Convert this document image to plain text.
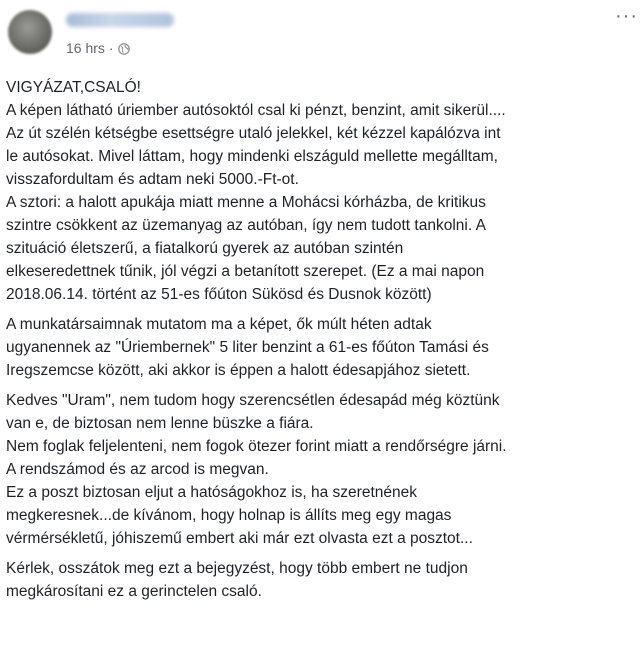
16 hrs ·
···

VIGYÁZAT,CSALÓ!
A képen látható úriember autósoktól csal ki pénzt, benzint, amit sikerül....
Az út szélén kétségbe esettségre utaló jelekkel, két kézzel kapálózva int
le autósokat. Mivel láttam, hogy mindenki elszáguld mellette megálltam,
visszafordultam és adtam neki 5000.-Ft-ot.
A sztori: a halott apukája miatt menne a Mohácsi kórházba, de kritikus
szintre csökkent az üzemanyag az autóban, így nem tudott tankolni. A
szituáció életszerű, a fiatalkorú gyerek az autóban szintén
elkeseredettnek tűnik, jól végzi a betanított szerepet. (Ez a mai napon
2018.06.14. történt az 51-es főúton Sükösd és Dusnok között)

A munkatársaimnak mutatom ma a képet, ők múlt héten adtak
ugyanennek az "Úriembernek" 5 liter benzint a 61-es főúton Tamási és
Iregszemcse között, aki akkor is éppen a halott édesapjához sietett.

Kedves "Uram", nem tudom hogy szerencsétlen édesapád még köztünk
van e, de biztosan nem lenne büszke a fiára.
Nem foglak feljelenteni, nem fogok ötezer forint miatt a rendőrségre járni.
A rendszámod és az arcod is megvan.
Ez a poszt biztosan eljut a hatóságokhoz is, ha szeretnének
megkeresnek...de kívánom, hogy holnap is állíts meg egy magas
vérmérsékletű, jóhiszemű embert aki már ezt olvasta ezt a posztot...

Kérlek, osszátok meg ezt a bejegyzést, hogy több embert ne tudjon
megkárosítani ez a gerinctelen csaló.
